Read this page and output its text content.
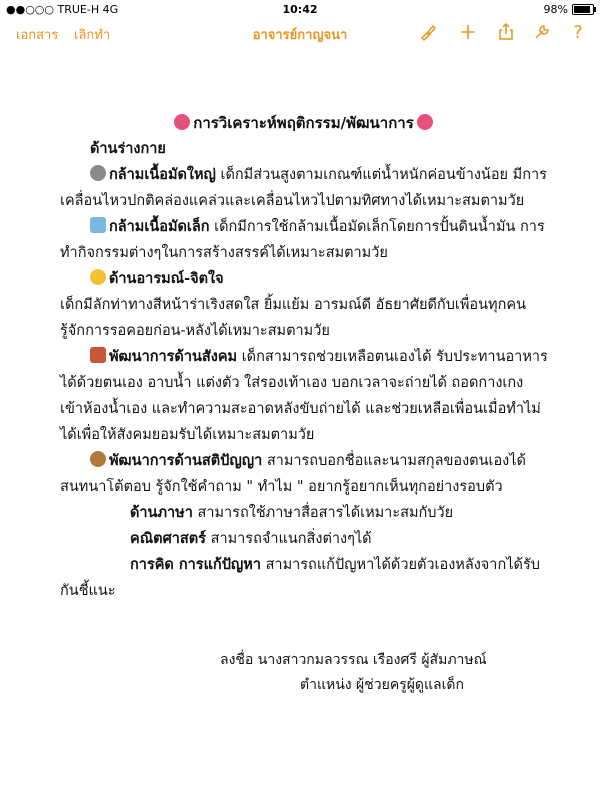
●●○○○ TRUE-H 4G	10:42	98%
เอกสาร เลิกทำ	อาจารย์กาญจนา	?

การวิเคราะห์พฤติกรรม/พัฒนาการ

ด้านร่างกาย

กล้ามเนื้อมัดใหญ่ เด็กมีส่วนสูงตามเกณฑ์แต่น้ำหนักค่อนข้างน้อย มีการเคลื่อนไหวปกติคล่องแคล่วและเคลื่อนไหวไปตามทิศทางได้เหมาะสมตามวัย

กล้ามเนื้อมัดเล็ก เด็กมีการใช้กล้ามเนื้อมัดเล็กโดยการปั้นดินน้ำมัน การทำกิจกรรมต่างๆในการสร้างสรรค์ได้เหมาะสมตามวัย

ด้านอารมณ์-จิตใจ

เด็กมีลักท่าทางสีหน้าร่าเริงสดใส ยิ้มแย้ม อารมณ์ดี อัธยาศัยดีกับเพื่อนทุกคนรู้จักการรอคอยก่อน-หลังได้เหมาะสมตามวัย

พัฒนาการด้านสังคม เด็กสามารถช่วยเหลือตนเองได้ รับประทานอาหารได้ด้วยตนเอง อาบน้ำ แต่งตัว ใส่รองเท้าเอง บอกเวลาจะถ่ายได้ ถอดกางเกง เข้าห้องน้ำเอง และทำความสะอาดหลังขับถ่ายได้ และช่วยเหลือเพื่อนเมื่อทำไม่ได้เพื่อให้สังคมยอมรับได้เหมาะสมตามวัย

พัฒนาการด้านสติปัญญา สามารถบอกชื่อและนามสกุลของตนเองได้ สนทนาโต้ตอบ รู้จักใช้คำถาม " ทำไม " อยากรู้อยากเห็นทุกอย่างรอบตัว

ด้านภาษา สามารถใช้ภาษาสื่อสารได้เหมาะสมกับวัย

คณิตศาสตร์ สามารถจำแนกสิ่งต่างๆได้

การคิด การแก้ปัญหา สามารถแก้ปัญหาได้ด้วยตัวเองหลังจากได้รับกันชี้แนะ

ลงชื่อ นางสาวกมลวรรณ เรืองศรี ผู้สัมภาษณ์
ตำแหน่ง ผู้ช่วยครูผู้ดูแลเด็ก
